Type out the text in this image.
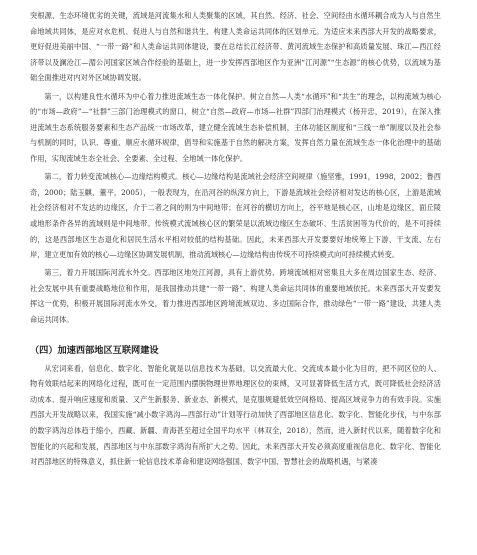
突根源、生态环境优劣的关键，流域是河流集水和人类聚集的区域，其自然、经济、社会、空间经由水循环耦合成为人与自然生命地域共同体，是应对水危机、促进人与自然和谐共生、构建人类命运共同体的区划单元。为适应未来西部大开发的战略要求，更好促进美丽中国、“一带一路”和人类命运共同体建设，要在总结长江经济带、黄河流域生态保护和高质量发展、珠江—西江经济带以及澜沧江—湄公河国家区域合作经验的基础上，进一步发挥西部地区作为亚洲“江河源”“生态源”的核心优势，以流域为基础全面推进对内对外区域协调发展。

第一，以构建良性水循环为中心着力推进流域生态一体化保护。树立自然—人类“水循环”和“共生”的理念，以构流域为核心的“市场—政府”—“社群”三部门治理模式的窗口，树立“自然—政府—市场—社群”四部门治理模式（杨开忠，2019），在深入推进流域生态系统服务要素和生态产品统一市场改革，建立健全流域生态补偿机制，主体功能区制度和“三线一单”制度以及社会参与机制的同时，认识、尊重、顺应水循环规律，倡导和实施基于自然的解决方案，发挥自然力量在流域生态一体化治理中的基础作用，实现流域生态全社会、全要素、全过程、全地域一体化保护。

第二，着力转变流域核心—边缘结构模式。核心—边缘结构是流域社会经济空间规律（施坚雅，1991，1998，2002；鲁西奇，2000；陆玉麒、董平，2005），一般表现为，在沿河谷的纵深方向上，下游是流域社会经济相对发达的核心区，上游是流域社会经济相对不发达的边缘区，介于二者之间的则为中间地带；在河谷的横切方向上，谷平地是核心区，山地是边缘区，面丘陵或地形条件各异的流域则是中间地带。传统模式流域核心区的繁荣是以流域边缘区生态破坏、生活贫困等为代价的，是不可持续的，这是西部地区生态退化和居民生活水平相对较低的结构基础。因此，未来西部大开发要要好地统筹上下游、干支流、左右岸，建立更加有效的核心—边缘区协调发展机制，推动流域核心—边缘结构由传统不可持续模式向可持续模式转变。

第三，着力开展国际河流水外交。西部地区地处江河源，具有上游优势、跨境流域相对密集且大多在周边国家生态、经济、社会发展中具有重要战略地位和作用，是我国推动共建“一带一路”、构建人类命运共同体的重要地域依托。未来西部大开发要发挥这一优势，积极开展国际河流水外交，着力推进西部地区跨境流域双边、多边国际合作，推动绿色“一带一路”建设，共建人类命运共同体。

（四）加速西部地区互联网建设

从宏词来看，信息化、数字化、智能化就是以信息技术为基础，以交流最大化、交流成本最小化为目的，把不同区位的人、物有效联结起来的网络化过程，既可在一定范围内摆脱物理世界地理区位的束缚，又可显著降低生活方式，既可降低社会经济活动成本、提升响应速度和质量、又产生新服务、新业态、新模式，是克服规避低效空间格局、提高区域竞争力的有效手段。实施西部大开发战略以来，我国实施“减小数字鸿沟—西部行动”计划等行动加快了西部地区信息化、数字化、智能化步伐，与中东部的数字鸿沟总体趋于缩小，西藏、新疆、青海甚至超过全国平均水平（林双全，2018），然而，进入新时代以来，随着数字化和智能化的兴起和发展，西部地区与中东部数字鸿沟有所扩大之势。因此，未来西部大开发必须高度重视信息化、数字化、智能化对西部地区的特殊意义，抓住新一轮信息技术革命和建设网络强国、数字中国、智慧社会的战略机遇，与紧凑
